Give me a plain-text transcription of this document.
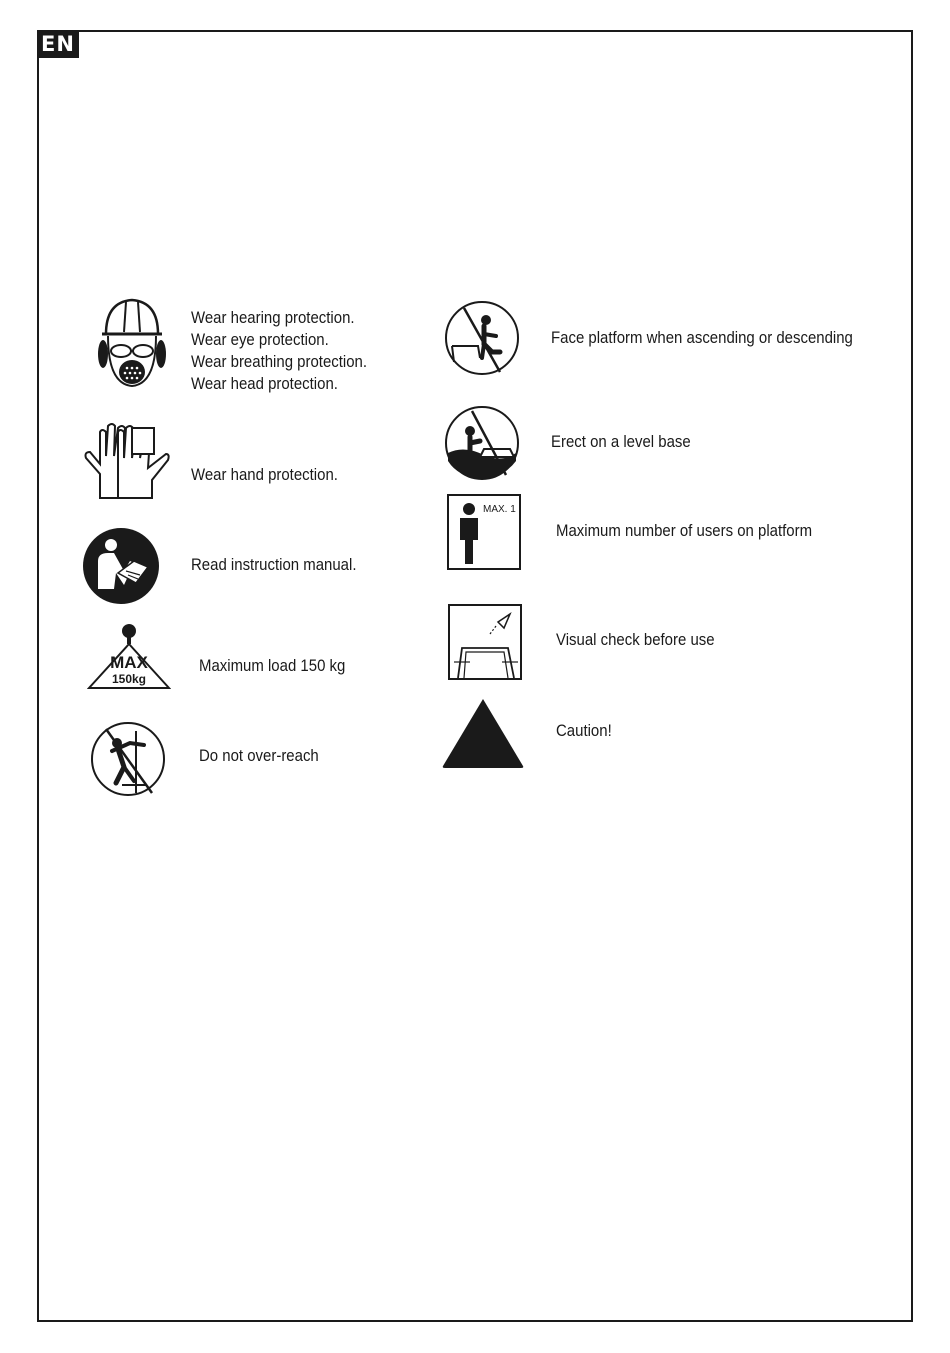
EN
Wear hearing protection.
Wear eye protection.
Wear breathing protection.
Wear head protection.
Wear hand protection.
Read instruction manual.
MAX
150kg
Maximum load 150 kg
Do not over-reach
Face platform when ascending or descending
Erect on a level base
MAX. 1
Maximum number of users on platform
Visual check before use
Caution!
